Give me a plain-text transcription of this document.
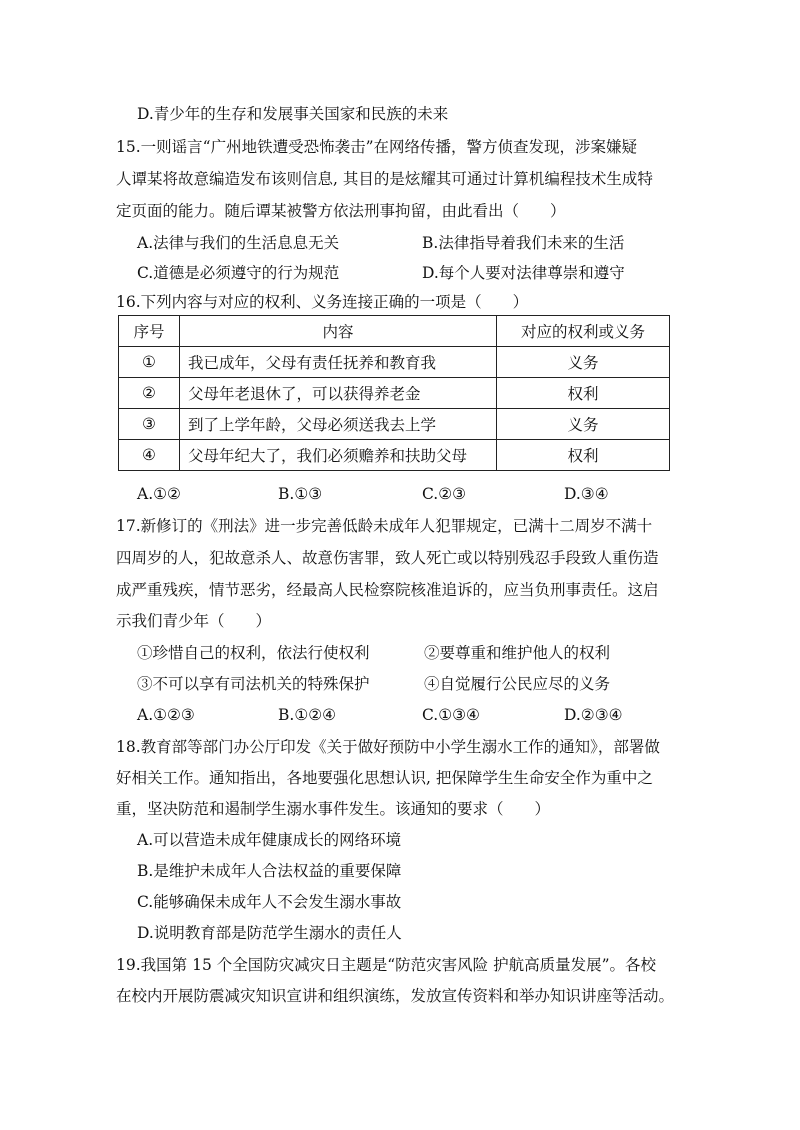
D.青少年的生存和发展事关国家和民族的未来
15.一则谣言“广州地铁遭受恐怖袭击”在网络传播，警方侦查发现，涉案嫌疑
人谭某将故意编造发布该则信息, 其目的是炫耀其可通过计算机编程技术生成特
定页面的能力。随后谭某被警方依法刑事拘留，由此看出（　　）
A.法律与我们的生活息息无关	B.法律指导着我们未来的生活
C.道德是必须遵守的行为规范	D.每个人要对法律尊崇和遵守
16.下列内容与对应的权利、义务连接正确的一项是（　　）
序号	内容	对应的权利或义务
①	我已成年，父母有责任抚养和教育我	义务
②	父母年老退休了，可以获得养老金	权利
③	到了上学年龄，父母必须送我去上学	义务
④	父母年纪大了，我们必须赡养和扶助父母	权利
A.①②	B.①③	C.②③	D.③④
17.新修订的《刑法》进一步完善低龄未成年人犯罪规定，已满十二周岁不满十
四周岁的人，犯故意杀人、故意伤害罪，致人死亡或以特别残忍手段致人重伤造
成严重残疾，情节恶劣，经最高人民检察院核准追诉的，应当负刑事责任。这启
示我们青少年（　　）
①珍惜自己的权利，依法行使权利	②要尊重和维护他人的权利
③不可以享有司法机关的特殊保护	④自觉履行公民应尽的义务
A.①②③	B.①②④	C.①③④	D.②③④
18.教育部等部门办公厅印发《关于做好预防中小学生溺水工作的通知》，部署做
好相关工作。通知指出，各地要强化思想认识, 把保障学生生命安全作为重中之
重，坚决防范和遏制学生溺水事件发生。该通知的要求（　　）
A.可以营造未成年健康成长的网络环境
B.是维护未成年人合法权益的重要保障
C.能够确保未成年人不会发生溺水事故
D.说明教育部是防范学生溺水的责任人
19.我国第 15 个全国防灾减灾日主题是“防范灾害风险 护航高质量发展”。各校
在校内开展防震减灾知识宣讲和组织演练，发放宣传资料和举办知识讲座等活动。
